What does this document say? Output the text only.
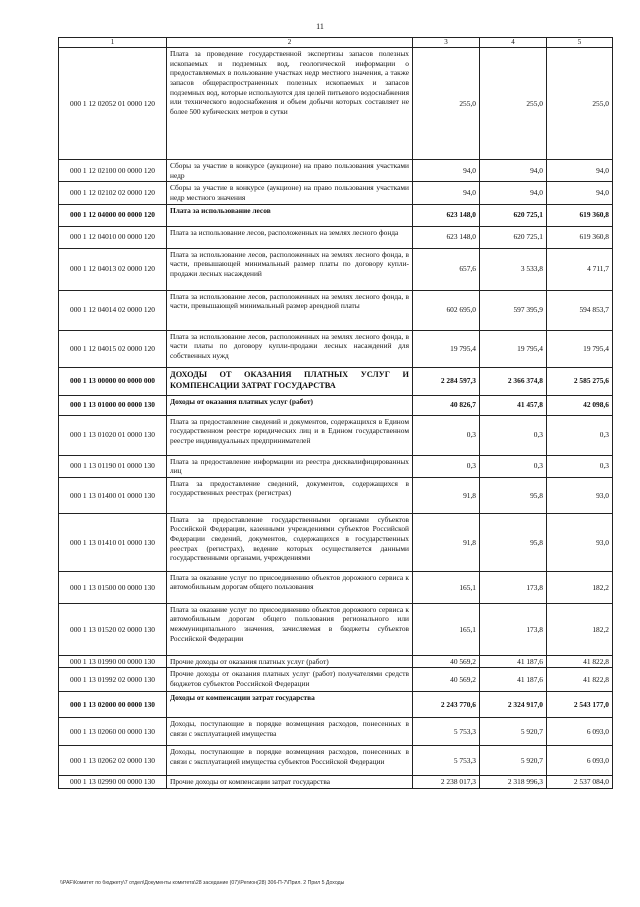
11
1	2	3	4	5
000 1 12 02052 01 0000 120	Плата за проведение государственной экспертизы запасов полезных ископаемых и подземных вод, геологической информации о предоставляемых в пользование участках недр местного значения, а также запасов общераспространенных полезных ископаемых и запасов подземных вод, которые используются для целей питьевого водоснабжения или технического водоснабжения и объем добычи которых составляет не более 500 кубических метров в сутки	255,0	255,0	255,0
000 1 12 02100 00 0000 120	Сборы за участие в конкурсе (аукционе) на право пользования участками недр	94,0	94,0	94,0
000 1 12 02102 02 0000 120	Сборы за участие в конкурсе (аукционе) на право пользования участками недр местного значения	94,0	94,0	94,0
000 1 12 04000 00 0000 120	Плата за использование лесов	623 148,0	620 725,1	619 360,8
000 1 12 04010 00 0000 120	Плата за использование лесов, расположенных на землях лесного фонда	623 148,0	620 725,1	619 360,8
000 1 12 04013 02 0000 120	Плата за использование лесов, расположенных на землях лесного фонда, в части, превышающей минимальный размер платы по договору купли-продажи лесных насаждений	657,6	3 533,8	4 711,7
000 1 12 04014 02 0000 120	Плата за использование лесов, расположенных на землях лесного фонда, в части, превышающей минимальный размер арендной платы	602 695,0	597 395,9	594 853,7
000 1 12 04015 02 0000 120	Плата за использование лесов, расположенных на землях лесного фонда, в части платы по договору купли-продажи лесных насаждений для собственных нужд	19 795,4	19 795,4	19 795,4
000 1 13 00000 00 0000 000	ДОХОДЫ ОТ ОКАЗАНИЯ ПЛАТНЫХ УСЛУГ И КОМПЕНСАЦИИ ЗАТРАТ ГОСУДАРСТВА	2 284 597,3	2 366 374,8	2 585 275,6
000 1 13 01000 00 0000 130	Доходы от оказания платных услуг (работ)	40 826,7	41 457,8	42 098,6
000 1 13 01020 01 0000 130	Плата за предоставление сведений и документов, содержащихся в Едином государственном реестре юридических лиц и в Едином государственном реестре индивидуальных предпринимателей	0,3	0,3	0,3
000 1 13 01190 01 0000 130	Плата за предоставление информации из реестра дисквалифицированных лиц	0,3	0,3	0,3
000 1 13 01400 01 0000 130	Плата за предоставление сведений, документов, содержащихся в государственных реестрах (регистрах)	91,8	95,8	93,0
000 1 13 01410 01 0000 130	Плата за предоставление государственными органами субъектов Российской Федерации, казенными учреждениями субъектов Российской Федерации сведений, документов, содержащихся в государственных реестрах (регистрах), ведение которых осуществляется данными государственными органами, учреждениями	91,8	95,8	93,0
000 1 13 01500 00 0000 130	Плата за оказание услуг по присоединению объектов дорожного сервиса к автомобильным дорогам общего пользования	165,1	173,8	182,2
000 1 13 01520 02 0000 130	Плата за оказание услуг по присоединению объектов дорожного сервиса к автомобильным дорогам общего пользования регионального или межмуниципального значения, зачисляемая в бюджеты субъектов Российской Федерации	165,1	173,8	182,2
000 1 13 01990 00 0000 130	Прочие доходы от оказания платных услуг (работ)	40 569,2	41 187,6	41 822,8
000 1 13 01992 02 0000 130	Прочие доходы от оказания платных услуг (работ) получателями средств бюджетов субъектов Российской Федерации	40 569,2	41 187,6	41 822,8
000 1 13 02000 00 0000 130	Доходы от компенсации затрат государства	2 243 770,6	2 324 917,0	2 543 177,0
000 1 13 02060 00 0000 130	Доходы, поступающие в порядке возмещения расходов, понесенных в связи с эксплуатацией имущества	5 753,3	5 920,7	6 093,0
000 1 13 02062 02 0000 130	Доходы, поступающие в порядке возмещения расходов, понесенных в связи с эксплуатацией имущества субъектов Российской Федерации	5 753,3	5 920,7	6 093,0
000 1 13 02990 00 0000 130	Прочие доходы от компенсации затрат государства	2 238 017,3	2 318 996,3	2 537 084,0
\\PAF\Комитет по бюджету\7 отдел\Документы комитета\28 заседание (07)\Регион(28) 306-П-7\Прил. 2 Прил 5 Доходы
